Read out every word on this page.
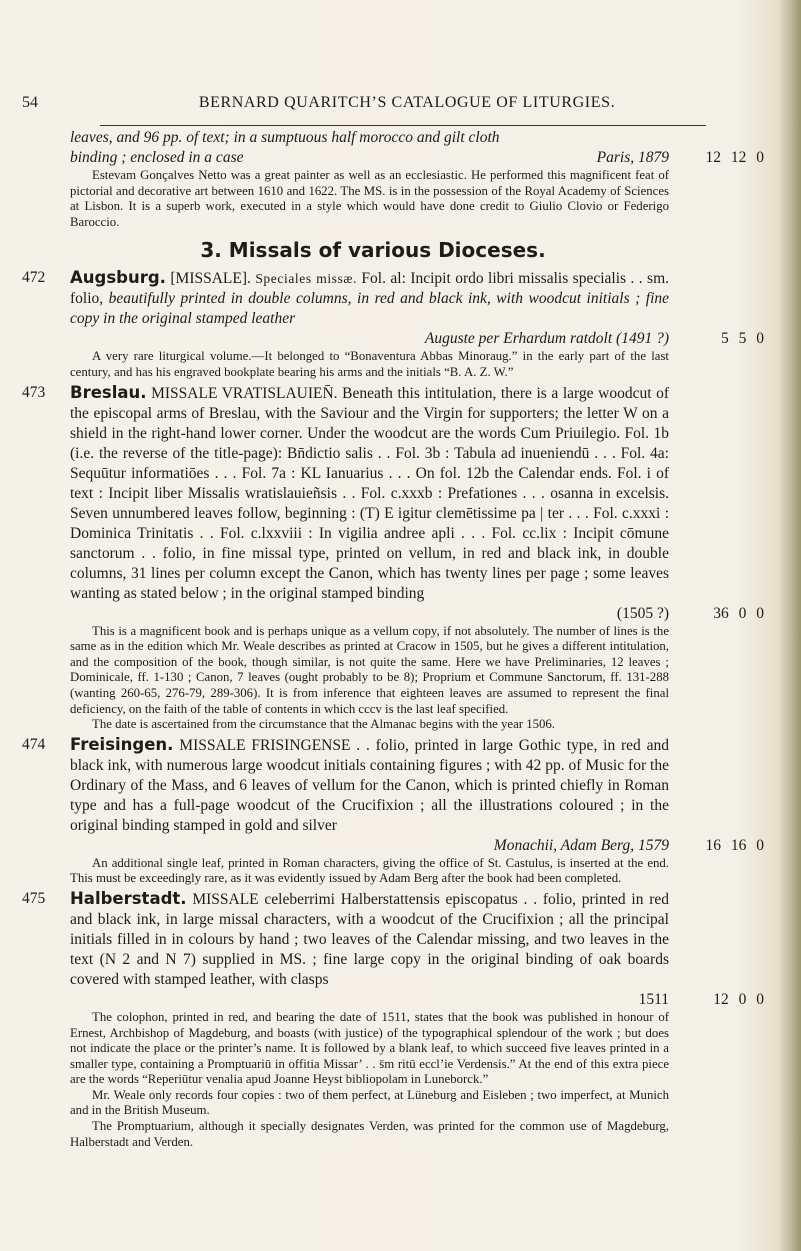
54	BERNARD QUARITCH’S CATALOGUE OF LITURGIES.

leaves, and 96 pp. of text; in a sumptuous half morocco and gilt cloth
binding ; enclosed in a case	Paris, 1879	12 12 0

Estevam Gonçalves Netto was a great painter as well as an ecclesiastic. He performed this magnificent feat of pictorial and decorative art between 1610 and 1622. The MS. is in the possession of the Royal Academy of Sciences at Lisbon. It is a superb work, executed in a style which would have done credit to Giulio Clovio or Federigo Baroccio.

3. Missals of various Dioceses.

472 Augsburg. [MISSALE]. Speciales missæ. Fol. al: Incipit ordo libri missalis specialis . . sm. folio, beautifully printed in double columns, in red and black ink, with woodcut initials ; fine copy in the original stamped leather
Auguste per Erhardum ratdolt (1491 ?)	5 5 0

A very rare liturgical volume.—It belonged to “Bonaventura Abbas Minoraug.” in the early part of the last century, and has his engraved bookplate bearing his arms and the initials “B. A. Z. W.”

473 Breslau. MISSALE VRATISLAUIEN̄. Beneath this intitulation, there is a large woodcut of the episcopal arms of Breslau, with the Saviour and the Virgin for supporters; the letter W on a shield in the right-hand lower corner. Under the woodcut are the words Cum Priuilegio. Fol. 1b (i.e. the reverse of the title-page): Bn̄dictio salis . . Fol. 3b : Tabula ad inueniendū . . . Fol. 4a: Sequūtur informatiōes . . . Fol. 7a : KL Ianuarius . . . On fol. 12b the Calendar ends. Fol. i of text : Incipit liber Missalis wratislauieñsis . . Fol. c.xxxb : Prefationes . . . osanna in excelsis. Seven unnumbered leaves follow, beginning : (T) E igitur clemētissime pa | ter . . . Fol. c.xxxi : Dominica Trinitatis . . Fol. c.lxxviii : In vigilia andree apli . . . Fol. cc.lix : Incipit cōmune sanctorum . . folio, in fine missal type, printed on vellum, in red and black ink, in double columns, 31 lines per column except the Canon, which has twenty lines per page ; some leaves wanting as stated below ; in the original stamped binding
(1505 ?)	36 0 0

This is a magnificent book and is perhaps unique as a vellum copy, if not absolutely. The number of lines is the same as in the edition which Mr. Weale describes as printed at Cracow in 1505, but he gives a different intitulation, and the composition of the book, though similar, is not quite the same. Here we have Preliminaries, 12 leaves ; Dominicale, ff. 1-130 ; Canon, 7 leaves (ought probably to be 8); Proprium et Commune Sanctorum, ff. 131-288 (wanting 260-65, 276-79, 289-306). It is from inference that eighteen leaves are assumed to represent the final deficiency, on the faith of the table of contents in which cccv is the last leaf specified.

The date is ascertained from the circumstance that the Almanac begins with the year 1506.

474 Freisingen. MISSALE FRISINGENSE . . folio, printed in large Gothic type, in red and black ink, with numerous large woodcut initials containing figures ; with 42 pp. of Music for the Ordinary of the Mass, and 6 leaves of vellum for the Canon, which is printed chiefly in Roman type and has a full-page woodcut of the Crucifixion ; all the illustrations coloured ; in the original binding stamped in gold and silver
Monachii, Adam Berg, 1579	16 16 0

An additional single leaf, printed in Roman characters, giving the office of St. Castulus, is inserted at the end. This must be exceedingly rare, as it was evidently issued by Adam Berg after the book had been completed.

475 Halberstadt. MISSALE celeberrimi Halberstattensis episcopatus . . folio, printed in red and black ink, in large missal characters, with a woodcut of the Crucifixion ; all the principal initials filled in in colours by hand ; two leaves of the Calendar missing, and two leaves in the text (N 2 and N 7) supplied in MS. ; fine large copy in the original binding of oak boards covered with stamped leather, with clasps
1511	12 0 0

The colophon, printed in red, and bearing the date of 1511, states that the book was published in honour of Ernest, Archbishop of Magdeburg, and boasts (with justice) of the typographical splendour of the work ; but does not indicate the place or the printer’s name. It is followed by a blank leaf, to which succeed five leaves printed in a smaller type, containing a Promptuariū in offitia Missar’ . . s̄m ritū eccl’ie Verdensis.” At the end of this extra piece are the words “Reperiūtur venalia apud Joanne Heyst bibliopolam in Luneborck.”

Mr. Weale only records four copies : two of them perfect, at Lüneburg and Eisleben ; two imperfect, at Munich and in the British Museum.

The Promptuarium, although it specially designates Verden, was printed for the common use of Magdeburg, Halberstadt and Verden.
